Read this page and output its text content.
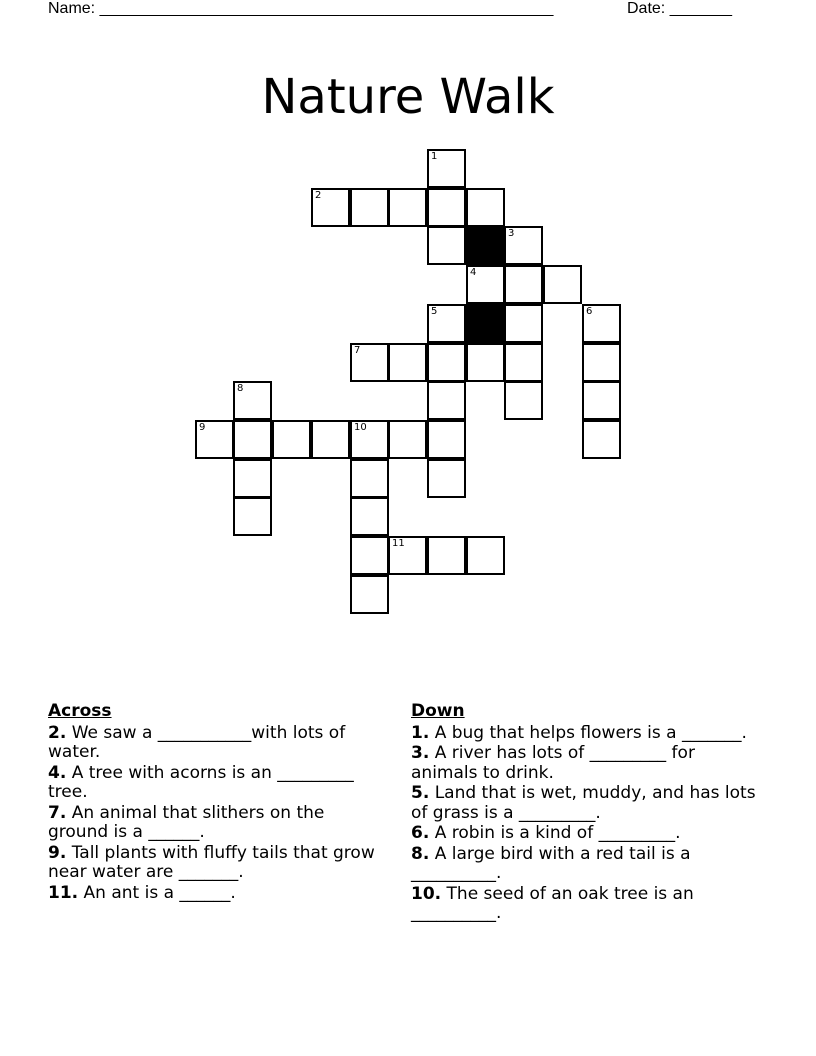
Name: ___________________________________________________	Date: _______
Nature Walk
1
2
3
4
5	6
7
8
9	10
11
Across
2. We saw a ___________with lots of water.
4. A tree with acorns is an _________ tree.
7. An animal that slithers on the ground is a ______.
9. Tall plants with fluffy tails that grow near water are _______.
11. An ant is a ______.
Down
1. A bug that helps flowers is a _______.
3. A river has lots of _________ for animals to drink.
5. Land that is wet, muddy, and has lots of grass is a _________.
6. A robin is a kind of _________.
8. A large bird with a red tail is a __________.
10. The seed of an oak tree is an __________.
